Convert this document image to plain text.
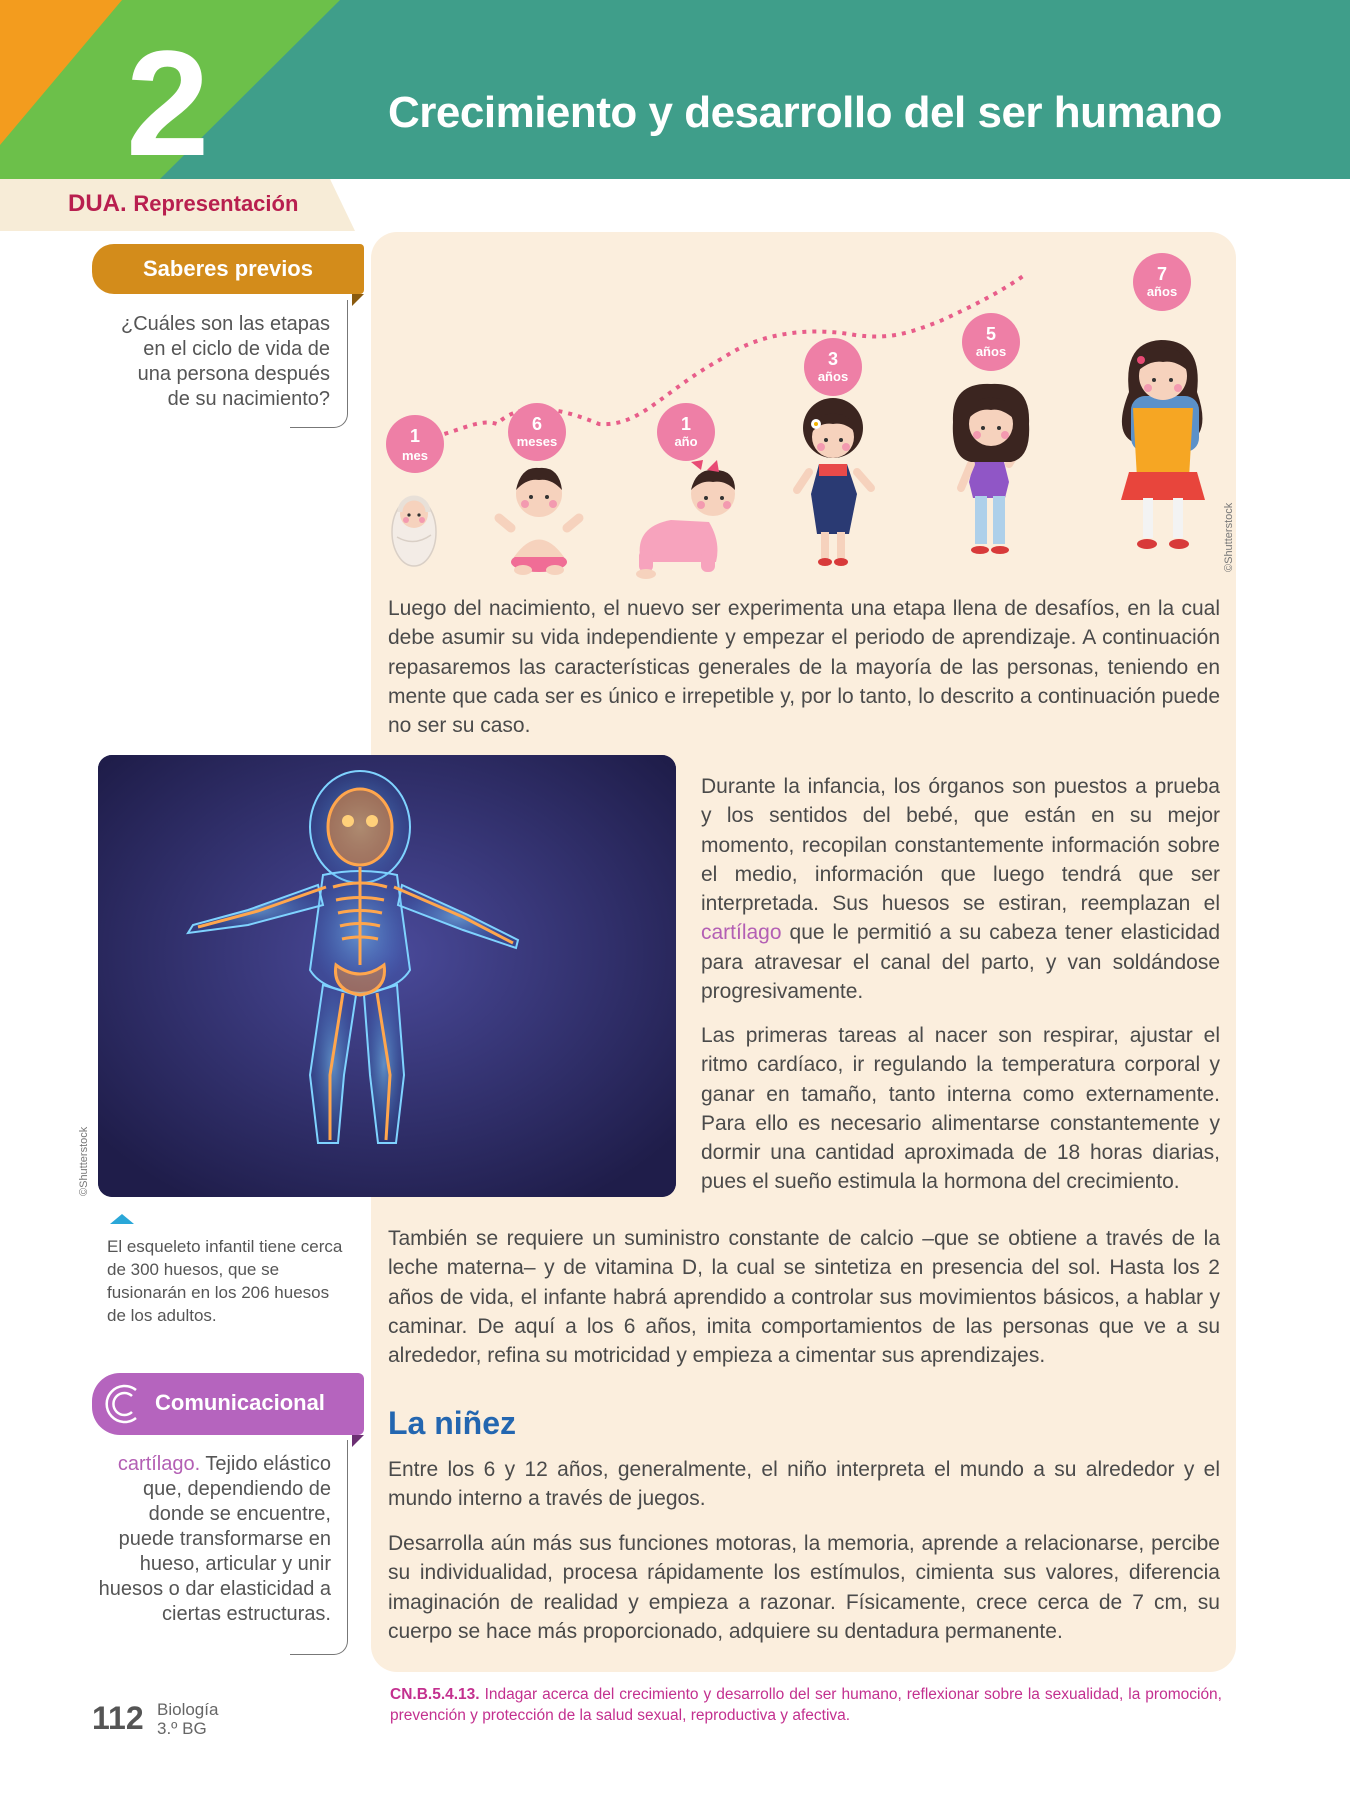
2	Crecimiento y desarrollo del ser humano
DUA. Representación
Saberes previos
¿Cuáles son las etapas en el ciclo de vida de una persona después de su nacimiento?
1
mes
6
meses
1
año
3
años
5
años
7
años
©Shutterstock
Luego del nacimiento, el nuevo ser experimenta una etapa llena de desafíos, en la cual debe asumir su vida independiente y empezar el periodo de aprendizaje. A continuación repasaremos las características generales de la mayoría de las personas, teniendo en mente que cada ser es único e irrepetible y, por lo tanto, lo descrito a continuación puede no ser su caso.
©Shutterstock
El esqueleto infantil tiene cerca de 300 huesos, que se fusionarán en los 206 huesos de los adultos.
Durante la infancia, los órganos son puestos a prueba y los sentidos del bebé, que están en su mejor momento, recopilan constantemente información sobre el medio, información que luego tendrá que ser interpretada. Sus huesos se estiran, reemplazan el cartílago que le permitió a su cabeza tener elasticidad para atravesar el canal del parto, y van soldándose progresivamente.
Las primeras tareas al nacer son respirar, ajustar el ritmo cardíaco, ir regulando la temperatura corporal y ganar en tamaño, tanto interna como externamente. Para ello es necesario alimentarse constantemente y dormir una cantidad aproximada de 18 horas diarias, pues el sueño estimula la hormona del crecimiento.
También se requiere un suministro constante de calcio –que se obtiene a través de la leche materna– y de vitamina D, la cual se sintetiza en presencia del sol. Hasta los 2 años de vida, el infante habrá aprendido a controlar sus movimientos básicos, a hablar y caminar. De aquí a los 6 años, imita comportamientos de las personas que ve a su alrededor, refina su motricidad y empieza a cimentar sus aprendizajes.
Comunicacional
cartílago. Tejido elástico que, dependiendo de donde se encuentre, puede transformarse en hueso, articular y unir huesos o dar elasticidad a ciertas estructuras.
La niñez
Entre los 6 y 12 años, generalmente, el niño interpreta el mundo a su alrededor y el mundo interno a través de juegos.
Desarrolla aún más sus funciones motoras, la memoria, aprende a relacionarse, percibe su individualidad, procesa rápidamente los estímulos, cimienta sus valores, diferencia imaginación de realidad y empieza a razonar. Físicamente, crece cerca de 7 cm, su cuerpo se hace más proporcionado, adquiere su dentadura permanente.
112 Biología
3.º BG
CN.B.5.4.13. Indagar acerca del crecimiento y desarrollo del ser humano, reflexionar sobre la sexualidad, la promoción, prevención y protección de la salud sexual, reproductiva y afectiva.
